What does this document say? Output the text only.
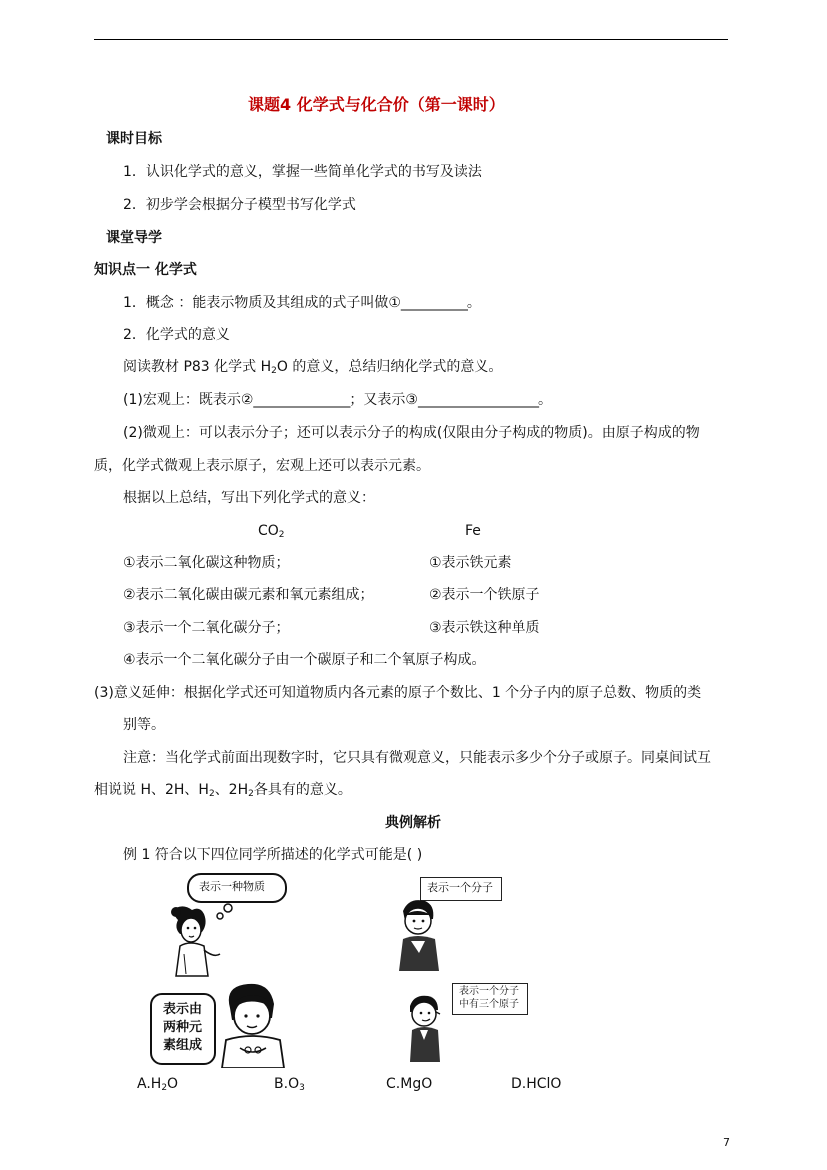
课题4 化学式与化合价（第一课时）
课时目标
1．认识化学式的意义，掌握一些简单化学式的书写及读法
2．初步学会根据分子模型书写化学式
课堂导学
知识点一 化学式
1．概念 ：能表示物质及其组成的式子叫做①___________。
2．化学式的意义
阅读教材 P83 化学式 $H_2O$ 的意义，总结归纳化学式的意义。
(1)宏观上：既表示②________________；又表示③____________________。
(2)微观上：可以表示分子；还可以表示分子的构成(仅限由分子构成的物质)。由原子构成的物
质，化学式微观上表示原子，宏观上还可以表示元素。
根据以上总结，写出下列化学式的意义：
$CO_2$	Fe
①表示二氧化碳这种物质；	①表示铁元素
②表示二氧化碳由碳元素和氧元素组成；	②表示一个铁原子
③表示一个二氧化碳分子；	③表示铁这种单质
④表示一个二氧化碳分子由一个碳原子和二个氧原子构成。
(3)意义延伸：根据化学式还可知道物质内各元素的原子个数比、1 个分子内的原子总数、物质的类
别等。
注意：当化学式前面出现数字时，它只具有微观意义，只能表示多少个分子或原子。同桌间试互
相说说 H、2H、$H_2$、$2H_2$各具有的意义。
典例解析
例 1 符合以下四位同学所描述的化学式可能是( )
表示一种物质	表示一个分子
表示由
两种元
素组成
表示一个分子
中有三个原子
$A.H_2O$	$B.O_3$	C.MgO	D.HClO
7
